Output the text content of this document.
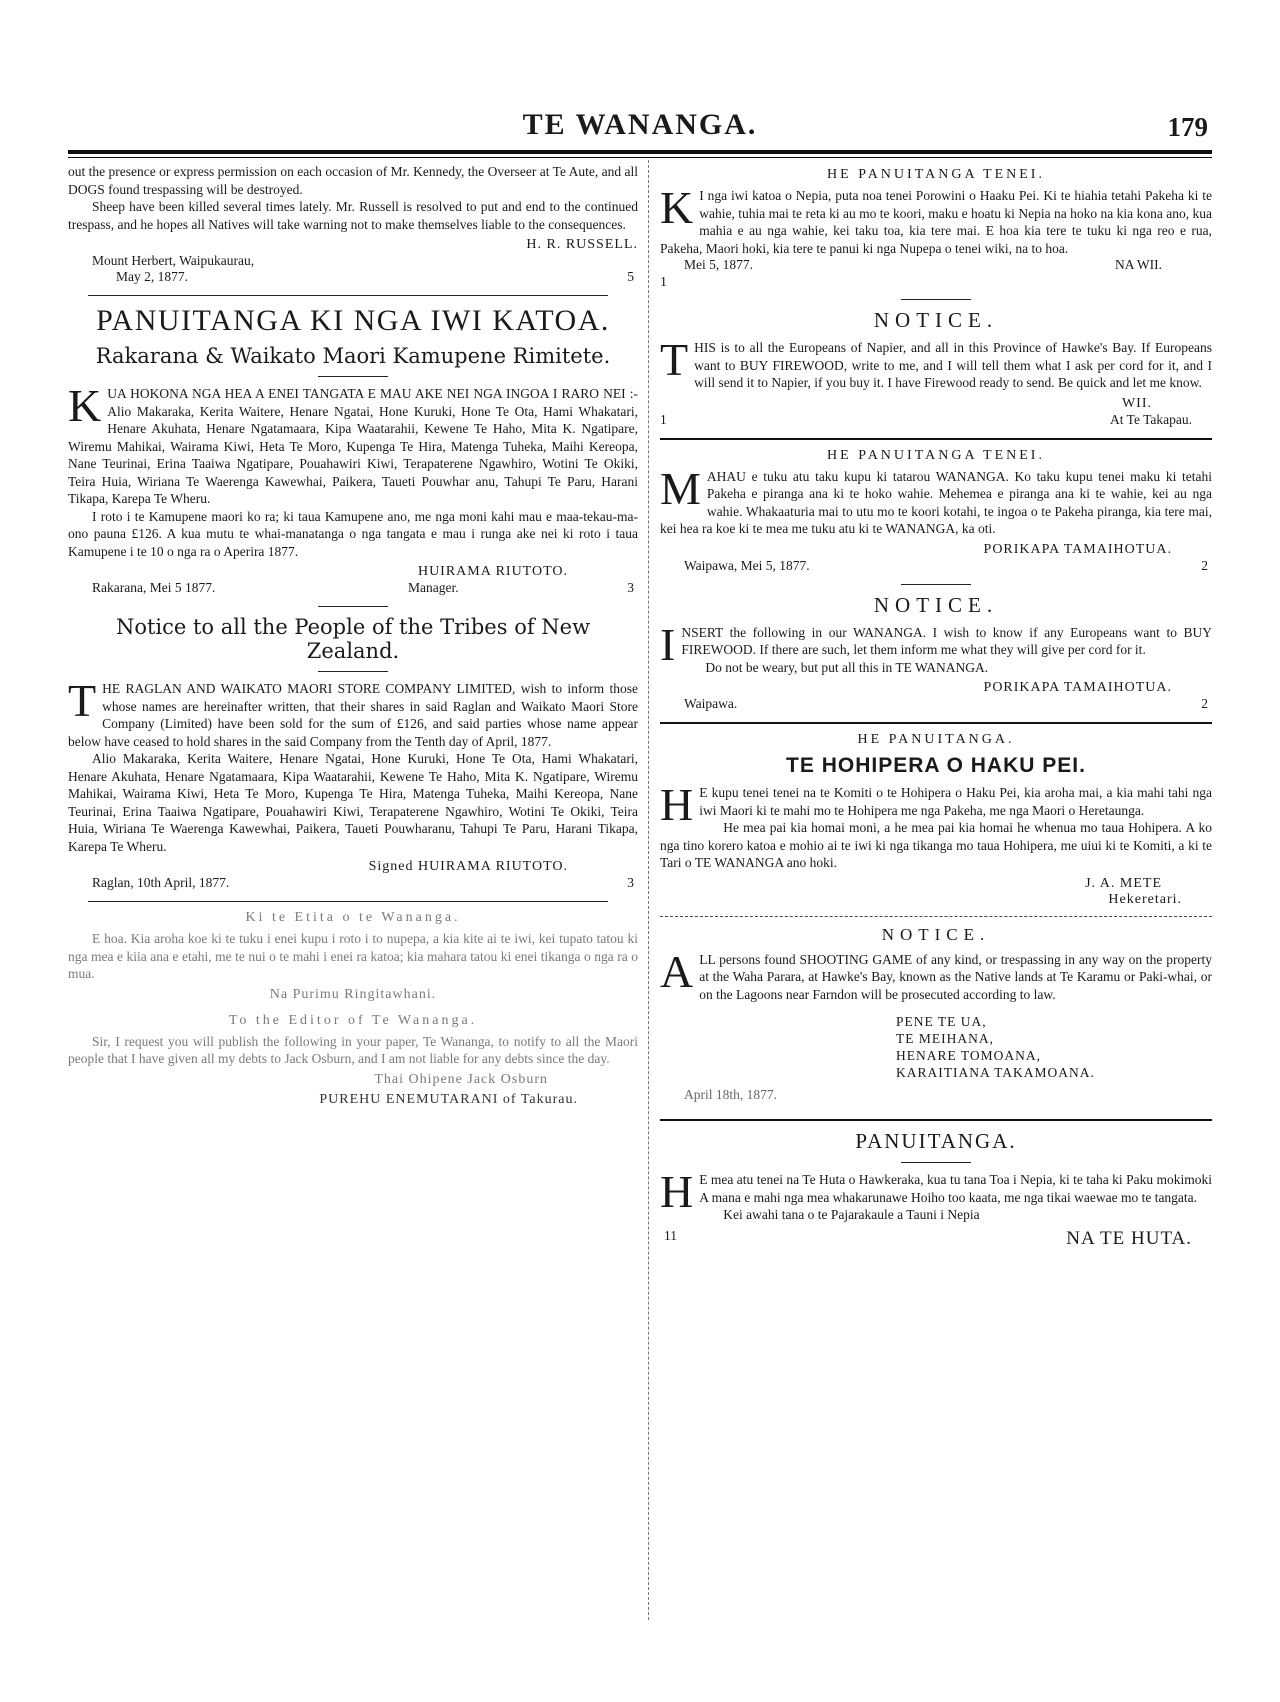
TE WANANGA.	179

out the presence or express permission on each occasion of Mr. Kennedy, the Overseer at Te Aute, and all DOGS found trespassing will be destroyed.

Sheep have been killed several times lately. Mr. Russell is resolved to put and end to the continued trespass, and he hopes all Natives will take warning not to make themselves liable to the consequences.

H. R. RUSSELL.
Mount Herbert, Waipukaurau,
May 2, 1877.	5
PANUITANGA KI NGA IWI KATOA.
Rakarana & Waikato Maori Kamupene Rimitete.

KUA HOKONA NGA HEA A ENEI TANGATA E MAU AKE NEI NGA INGOA I RARO NEI :- Alio Makaraka, Kerita Waitere, Henare Ngatai, Hone Kuruki, Hone Te Ota, Hami Whakatari, Henare Akuhata, Henare Ngatamaara, Kipa Waatarahii, Kewene Te Haho, Mita K. Ngatipare, Wiremu Mahikai, Wairama Kiwi, Heta Te Moro, Kupenga Te Hira, Matenga Tuheka, Maihi Kereopa, Nane Teurinai, Erina Taaiwa Ngatipare, Pouahawiri Kiwi, Terapaterene Ngawhiro, Wotini Te Okiki, Teira Huia, Wiriana Te Waerenga Kawewhai, Paikera, Taueti Pouwhar anu, Tahupi Te Paru, Harani Tikapa, Karepa Te Wheru.

I roto i te Kamupene maori ko ra; ki taua Kamupene ano, me nga moni kahi mau e maa-tekau-ma-ono pauna £126. A kua mutu te whai-manatanga o nga tangata e mau i runga ake nei ki roto i taua Kamupene i te 10 o nga ra o Aperira 1877.

HUIRAMA RIUTOTO.
Rakarana, Mei 5 1877.	Manager.	3
Notice to all the People of the Tribes of New Zealand.

THE RAGLAN AND WAIKATO MAORI STORE COMPANY LIMITED, wish to inform those whose names are hereinafter written, that their shares in said Raglan and Waikato Maori Store Company (Limited) have been sold for the sum of £126, and said parties whose name appear below have ceased to hold shares in the said Company from the Tenth day of April, 1877.

Alio Makaraka, Kerita Waitere, Henare Ngatai, Hone Kuruki, Hone Te Ota, Hami Whakatari, Henare Akuhata, Henare Ngatamaara, Kipa Waatarahii, Kewene Te Haho, Mita K. Ngatipare, Wiremu Mahikai, Wairama Kiwi, Heta Te Moro, Kupenga Te Hira, Matenga Tuheka, Maihi Kereopa, Nane Teurinai, Erina Taaiwa Ngatipare, Pouahawiri Kiwi, Terapaterene Ngawhiro, Wotini Te Okiki, Teira Huia, Wiriana Te Waerenga Kawewhai, Paikera, Taueti Pouwharanu, Tahupi Te Paru, Harani Tikapa, Karepa Te Wheru.

Signed HUIRAMA RIUTOTO.
Raglan, 10th April, 1877.	3
Ki te Etita o te Wananga.

E hoa. Kia aroha koe ki te tuku i enei kupu i roto i to nupepa, a kia kite ai te iwi, kei tupato tatou ki nga mea e kiia ana e etahi, me te nui o te mahi i enei ra katoa; kia mahara tatou ki enei tikanga o nga ra o mua.

Na Purimu Ringitawhani.
To the Editor of Te Wananga.

Sir, I request you will publish the following in your paper, Te Wananga, to notify to all the Maori people that I have given all my debts to Jack Osburn, and I am not liable for any debts since the day.

Thai Ohipene Jack Osburn
PUREHU ENEMUTARANI of Takurau.
HE PANUITANGA TENEI.

K I nga iwi katoa o Nepia, puta noa tenei Porowini o Haaku Pei. Ki te hiahia tetahi Pakeha ki te wahie, tuhia mai te reta ki au mo te koori, maku e hoatu ki Nepia na hoko na kia kona ano, kua mahia e au nga wahie, kei taku toa, kia tere mai. E hoa kia tere te tuku ki nga reo e rua, Pakeha, Maori hoki, kia tere te panui ki nga Nupepa o tenei wiki, na to hoa.

Mei 5, 1877.	NA WII.
1
NOTICE.

THIS is to all the Europeans of Napier, and all in this Province of Hawke's Bay. If Europeans want to BUY FIREWOOD, write to me, and I will tell them what I ask per cord for it, and I will send it to Napier, if you buy it. I have Firewood ready to send. Be quick and let me know.

WII.
1	At Te Takapau.
HE PANUITANGA TENEI.

MAHAU e tuku atu taku kupu ki tatarou WANANGA. Ko taku kupu tenei maku ki tetahi Pakeha e piranga ana ki te hoko wahie. Mehemea e piranga ana ki te wahie, kei au nga wahie. Whakaaturia mai to utu mo te koori kotahi, te ingoa o te Pakeha piranga, kia tere mai, kei hea ra koe ki te mea me tuku atu ki te WANANGA, ka oti.

PORIKAPA TAMAIHOTUA.
Waipawa, Mei 5, 1877.	2
NOTICE.

INSERT the following in our WANANGA. I wish to know if any Europeans want to BUY FIREWOOD. If there are such, let them inform me what they will give per cord for it.

Do not be weary, but put all this in TE WANANGA.

PORIKAPA TAMAIHOTUA.
Waipawa.	2
HE PANUITANGA.
TE HOHIPERA O HAKU PEI.

H E kupu tenei tenei na te Komiti o te Hohipera o Haku Pei, kia aroha mai, a kia mahi tahi nga iwi Maori ki te mahi mo te Hohipera me nga Pakeha, me nga Maori o Heretaunga.

He mea pai kia homai moni, a he mea pai kia homai he whenua mo taua Hohipera. A ko nga tino korero katoa e mohio ai te iwi ki nga tikanga mo taua Hohipera, me uiui ki te Komiti, a ki te Tari o TE WANANGA ano hoki.

J. A. METE
Hekeretari.
NOTICE.

ALL persons found SHOOTING GAME of any kind, or trespassing in any way on the property at the Waha Parara, at Hawke's Bay, known as the Native lands at Te Karamu or Paki-whai, or on the Lagoons near Farndon will be prosecuted according to law.

PENE TE UA,
TE MEIHANA,
HENARE TOMOANA,
KARAITIANA TAKAMOANA.
April 18th, 1877.
PANUITANGA.

H E mea atu tenei na Te Huta o Hawkeraka, kua tu tana Toa i Nepia, ki te taha ki Paku mokimoki A mana e mahi nga mea whakarunawe Hoiho too kaata, me nga tikai waewae mo te tangata.

Kei awahi tana o te Pajarakaule a Tauni i Nepia

11	NA TE HUTA.
